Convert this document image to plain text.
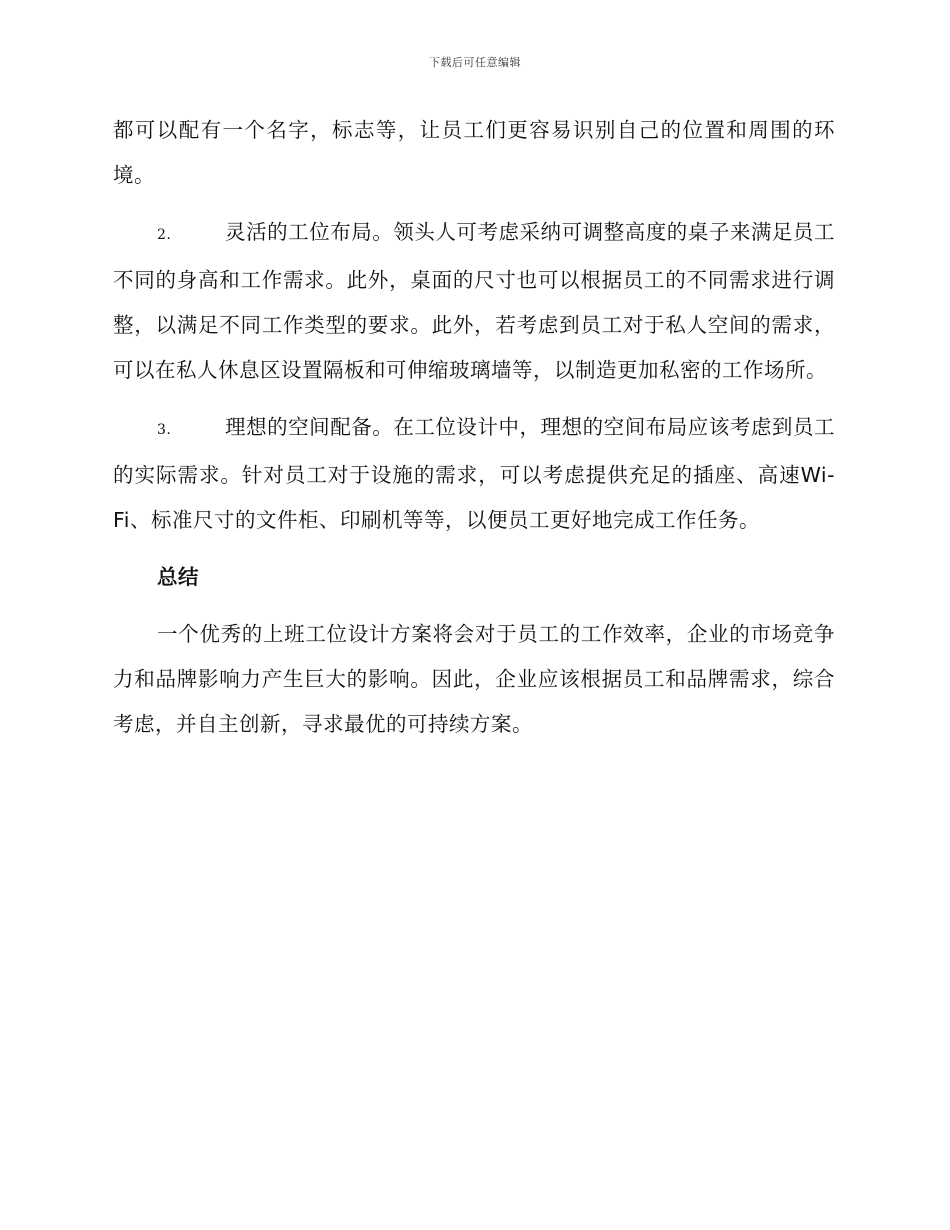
下载后可任意编辑

都可以配有一个名字，标志等，让员工们更容易识别自己的位置和周围的环境。

2.	灵活的工位布局。领头人可考虑采纳可调整高度的桌子来满足员工不同的身高和工作需求。此外，桌面的尺寸也可以根据员工的不同需求进行调整，以满足不同工作类型的要求。此外，若考虑到员工对于私人空间的需求，可以在私人休息区设置隔板和可伸缩玻璃墙等，以制造更加私密的工作场所。

3.	理想的空间配备。在工位设计中，理想的空间布局应该考虑到员工的实际需求。针对员工对于设施的需求，可以考虑提供充足的插座、高速Wi-Fi、标准尺寸的文件柜、印刷机等等，以便员工更好地完成工作任务。

总结

一个优秀的上班工位设计方案将会对于员工的工作效率，企业的市场竞争力和品牌影响力产生巨大的影响。因此，企业应该根据员工和品牌需求，综合考虑，并自主创新，寻求最优的可持续方案。
